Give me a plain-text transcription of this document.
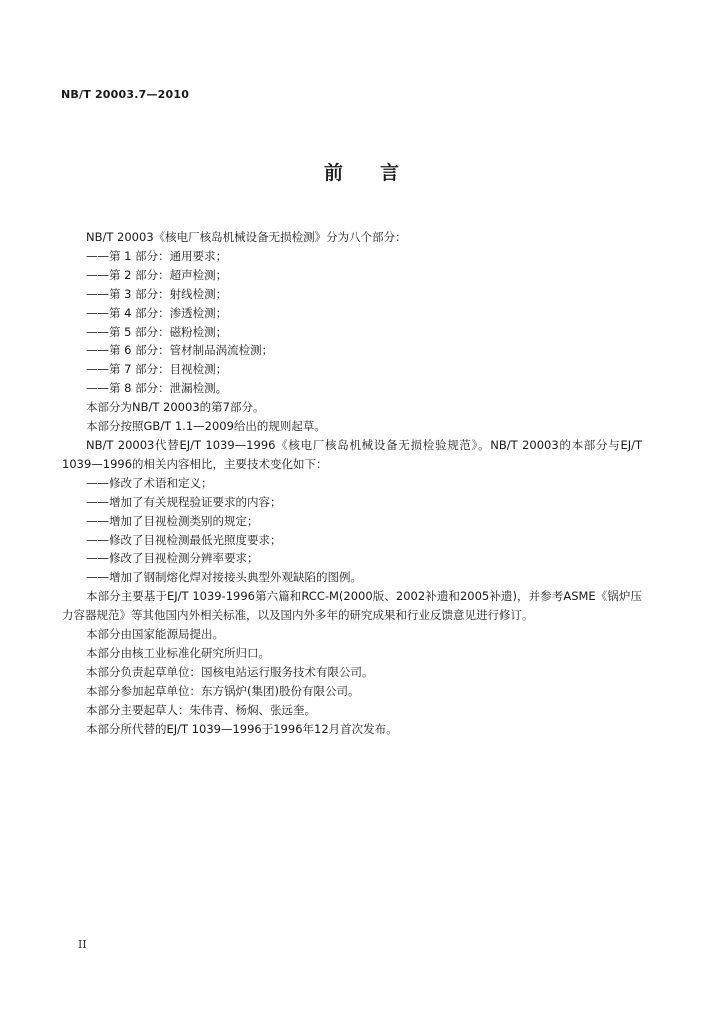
NB/T 20003.7—2010
前 言

NB/T 20003《核电厂核岛机械设备无损检测》分为八个部分：

——第 1 部分：通用要求；

——第 2 部分：超声检测；

——第 3 部分：射线检测；

——第 4 部分：渗透检测；

——第 5 部分：磁粉检测；

——第 6 部分：管材制品涡流检测；

——第 7 部分：目视检测；

——第 8 部分：泄漏检测。

本部分为NB/T 20003的第7部分。

本部分按照GB/T 1.1—2009给出的规则起草。

NB/T 20003代替EJ/T 1039—1996《核电厂核岛机械设备无损检验规范》。NB/T 20003的本部分与EJ/T 1039—1996的相关内容相比，主要技术变化如下：

——修改了术语和定义；

——增加了有关规程验证要求的内容；

——增加了目视检测类别的规定；

——修改了目视检测最低光照度要求；

——修改了目视检测分辨率要求；

——增加了钢制熔化焊对接接头典型外观缺陷的图例。

本部分主要基于EJ/T 1039-1996第六篇和RCC-M(2000版、2002补遗和2005补遗)，并参考ASME《锅炉压力容器规范》等其他国内外相关标准，以及国内外多年的研究成果和行业反馈意见进行修订。

本部分由国家能源局提出。

本部分由核工业标准化研究所归口。

本部分负责起草单位：国核电站运行服务技术有限公司。

本部分参加起草单位：东方锅炉(集团)股份有限公司。

本部分主要起草人：朱伟青、杨焖、张远奎。

本部分所代替的EJ/T 1039—1996于1996年12月首次发布。

II
